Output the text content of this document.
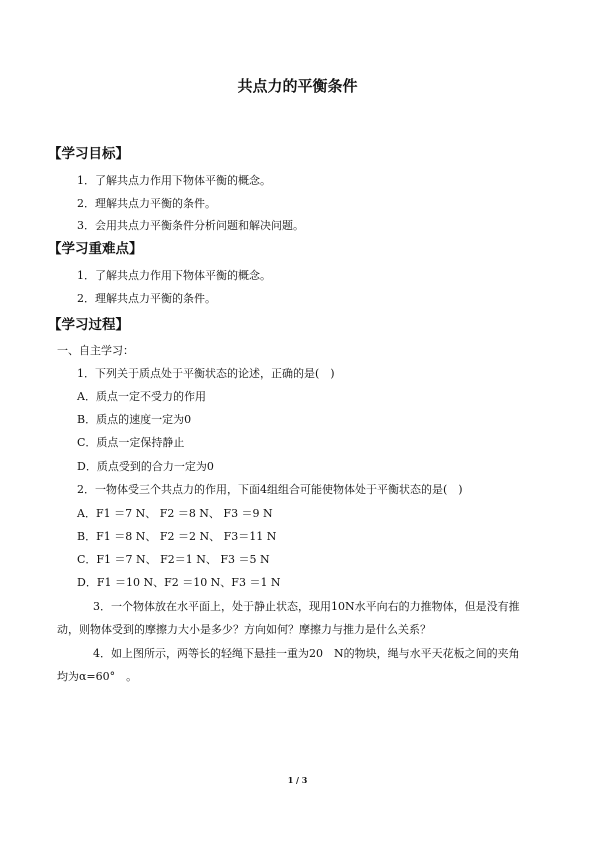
共点力的平衡条件
【学习目标】
1．了解共点力作用下物体平衡的概念。
2．理解共点力平衡的条件。
3．会用共点力平衡条件分析问题和解决问题。
【学习重难点】
1．了解共点力作用下物体平衡的概念。
2．理解共点力平衡的条件。
【学习过程】
一、自主学习：
1．下列关于质点处于平衡状态的论述，正确的是(　)
A．质点一定不受力的作用
B．质点的速度一定为0
C．质点一定保持静止
D．质点受到的合力一定为0
2．一物体受三个共点力的作用，下面4组组合可能使物体处于平衡状态的是(　)
A．F1 ＝7 N、 F2 ＝8 N、 F3 ＝9 N
B．F1 ＝8 N、 F2 ＝2 N、 F3＝11 N
C．F1 ＝7 N、 F2＝1 N、 F3 ＝5 N
D．F1 ＝10 N、F2 ＝10 N、F3 ＝1 N
3．一个物体放在水平面上，处于静止状态，现用10N水平向右的力推物体，但是没有推
动，则物体受到的摩擦力大小是多少？方向如何？摩擦力与推力是什么关系？
4．如上图所示，两等长的轻绳下悬挂一重为20　N的物块，绳与水平天花板之间的夹角
均为α=60°　。
1 / 3
